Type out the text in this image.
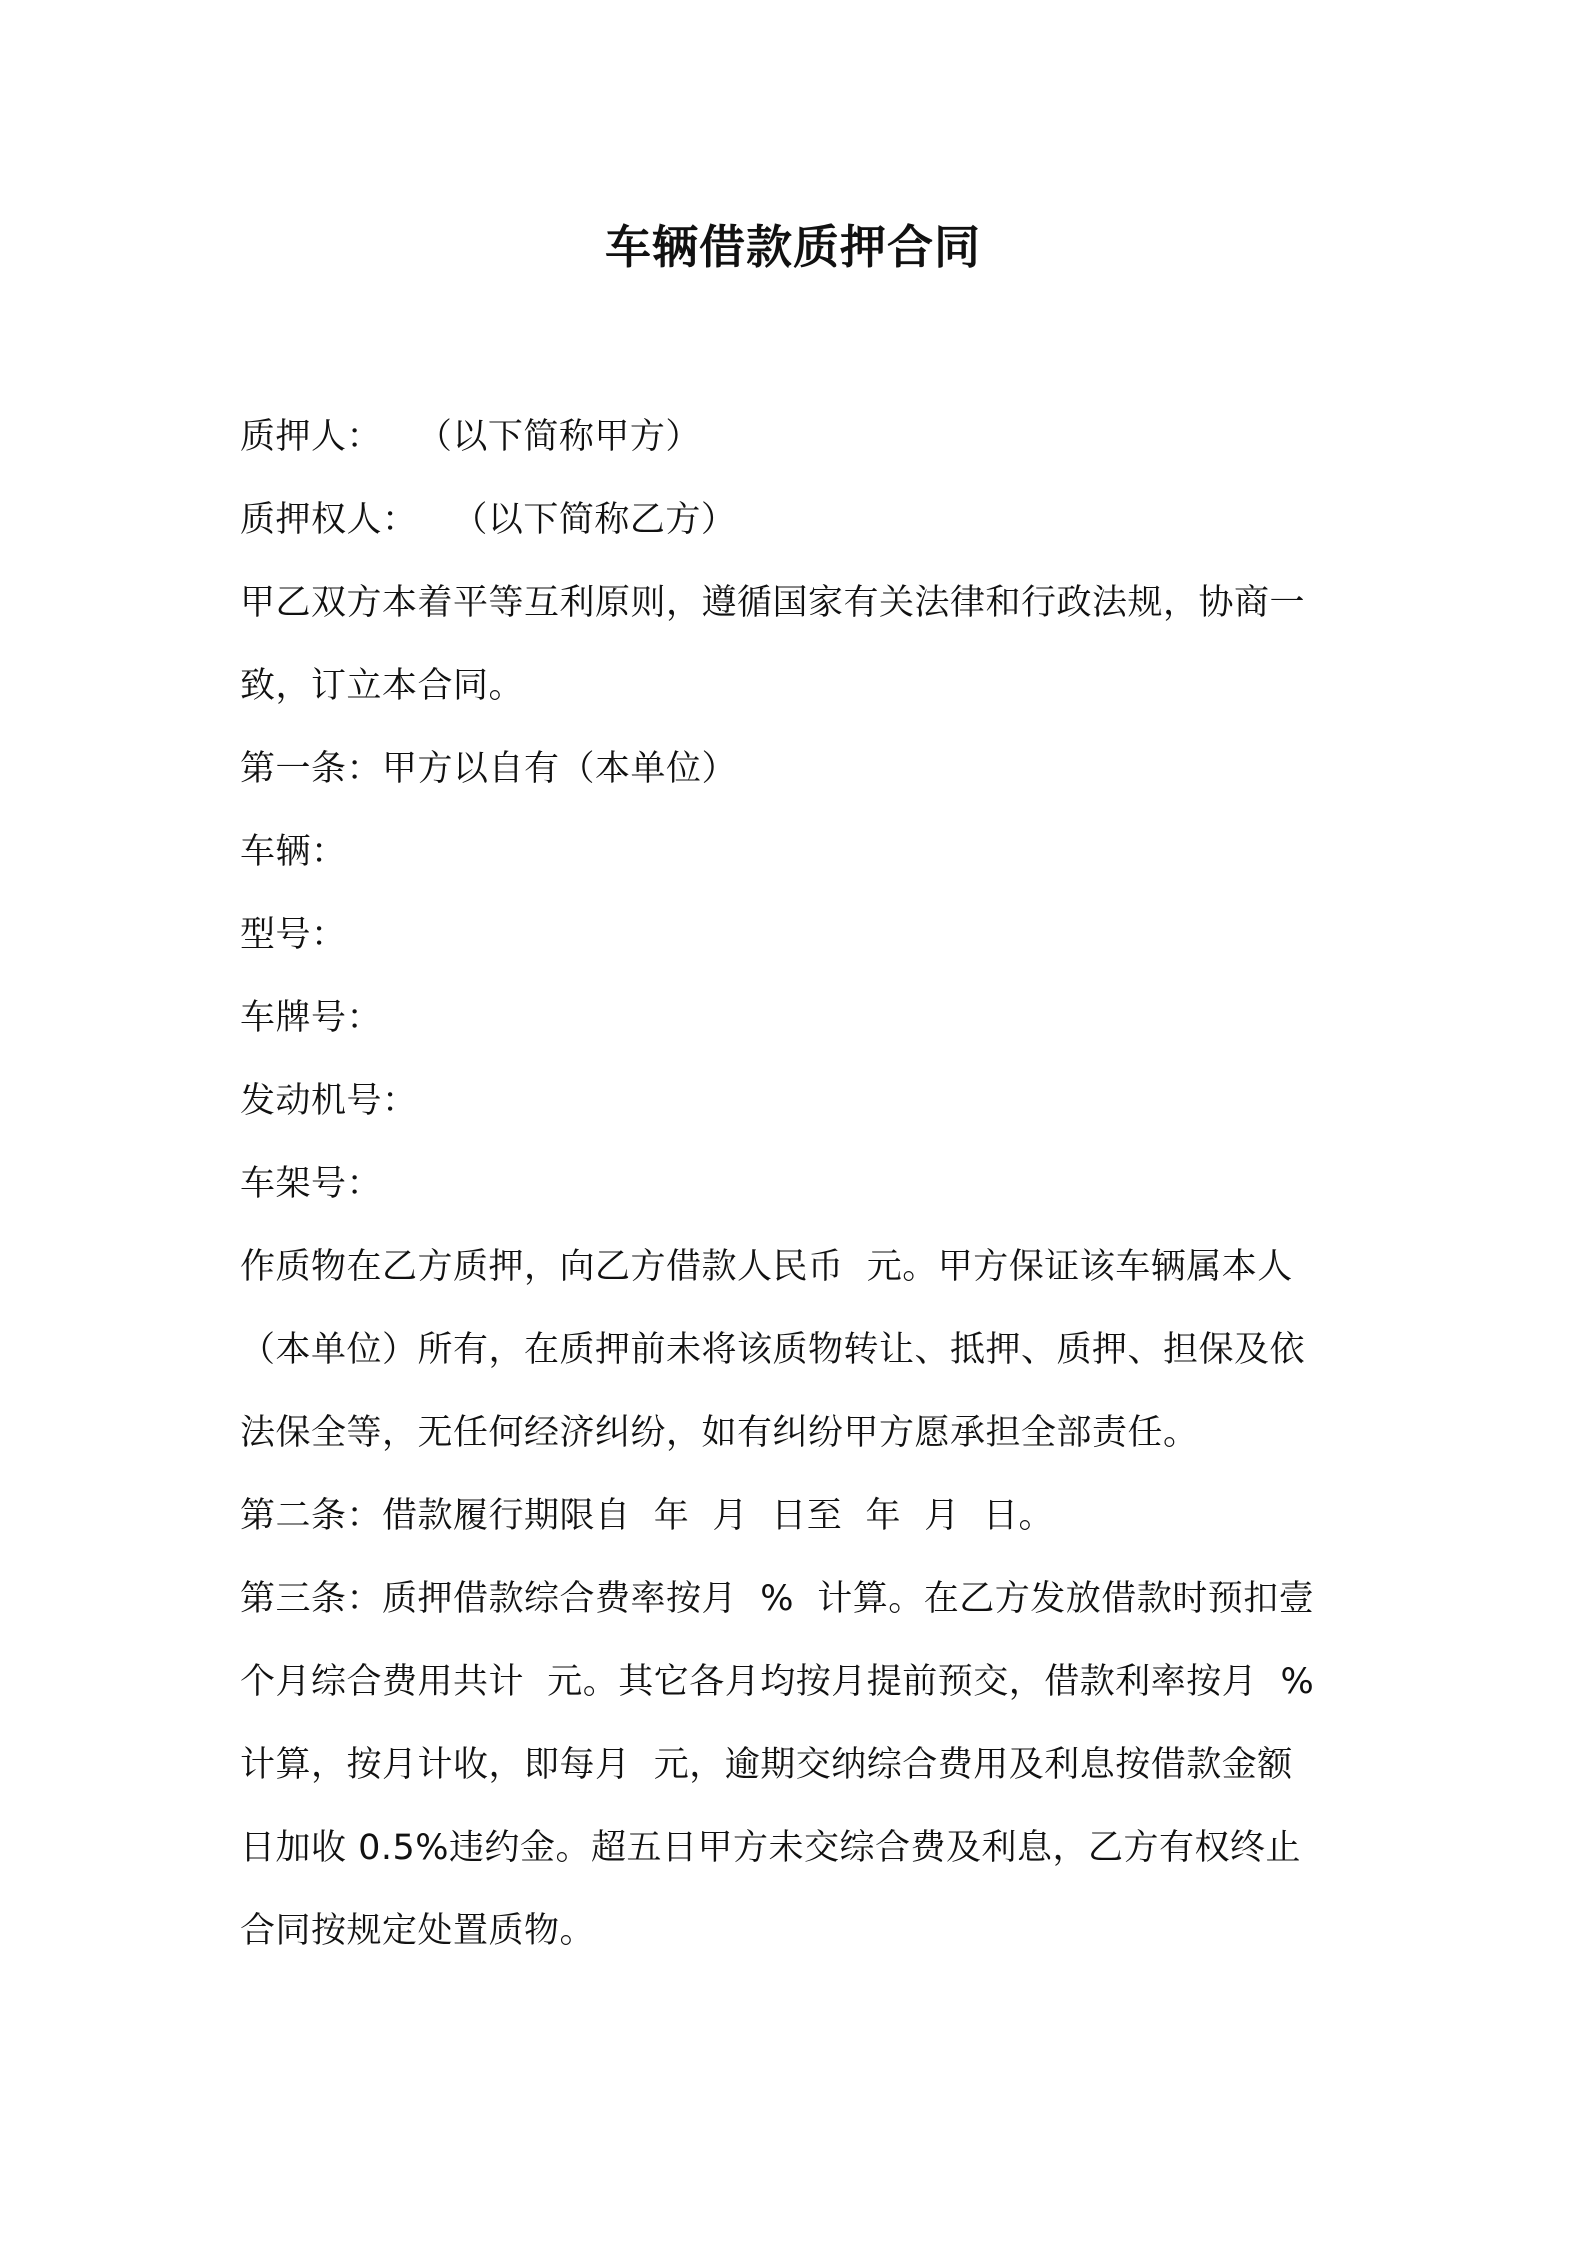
车辆借款质押合同
质押人：   （以下简称甲方）
质押权人：   （以下简称乙方）
甲乙双方本着平等互利原则，遵循国家有关法律和行政法规，协商一
致，订立本合同。
第一条：甲方以自有（本单位）
车辆：
型号：
车牌号：
发动机号：
车架号：
作质物在乙方质押，向乙方借款人民币  元。甲方保证该车辆属本人
（本单位）所有，在质押前未将该质物转让、抵押、质押、担保及依
法保全等，无任何经济纠纷，如有纠纷甲方愿承担全部责任。
第二条：借款履行期限自  年  月  日至  年  月  日。
第三条：质押借款综合费率按月  %  计算。在乙方发放借款时预扣壹
个月综合费用共计  元。其它各月均按月提前预交，借款利率按月  %
计算，按月计收，即每月  元，逾期交纳综合费用及利息按借款金额
日加收 0.5%违约金。超五日甲方未交综合费及利息，乙方有权终止
合同按规定处置质物。
